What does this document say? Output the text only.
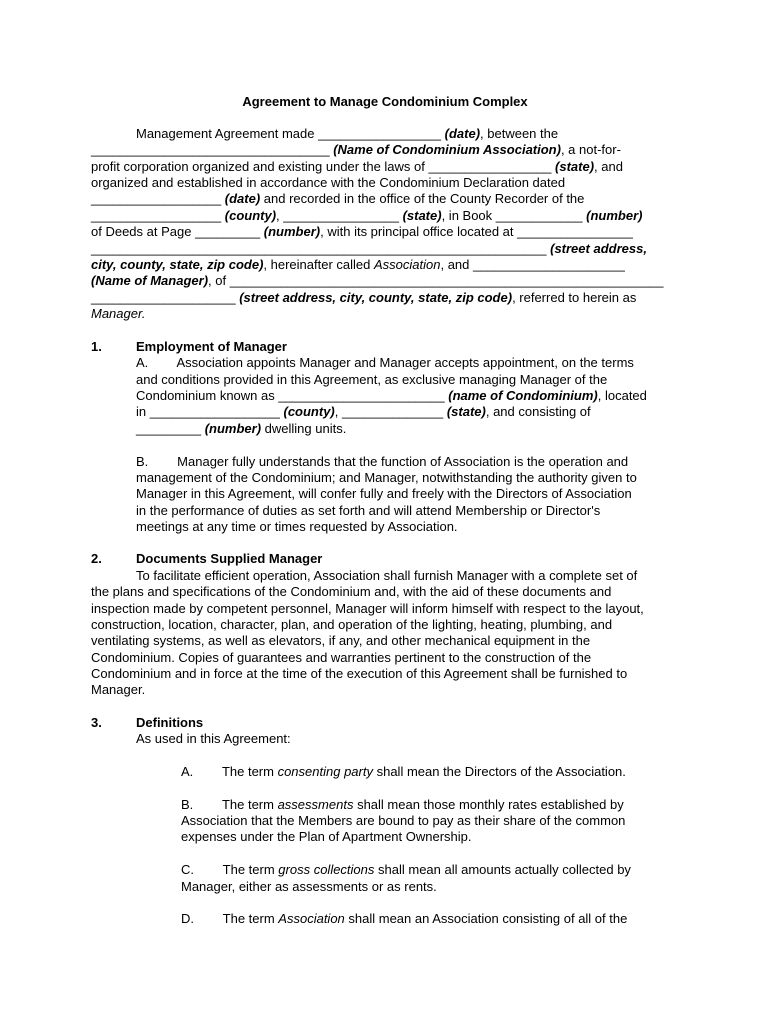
Agreement to Manage Condominium Complex
Management Agreement made _________________ (date), between the
_________________________________ (Name of Condominium Association), a not-for-
profit corporation organized and existing under the laws of _________________ (state), and
organized and established in accordance with the Condominium Declaration dated
__________________ (date) and recorded in the office of the County Recorder of the
__________________ (county), ________________ (state), in Book ____________ (number)
of Deeds at Page _________ (number), with its principal office located at ________________
_______________________________________________________________ (street address,
city, county, state, zip code), hereinafter called Association, and _____________________
(Name of Manager), of ____________________________________________________________
____________________ (street address, city, county, state, zip code), referred to herein as
Manager.
1.	Employment of Manager
A.        Association appoints Manager and Manager accepts appointment, on the terms
and conditions provided in this Agreement, as exclusive managing Manager of the
Condominium known as _______________________ (name of Condominium), located
in __________________ (county), ______________ (state), and consisting of
_________ (number) dwelling units.
B.        Manager fully understands that the function of Association is the operation and
management of the Condominium; and Manager, notwithstanding the authority given to
Manager in this Agreement, will confer fully and freely with the Directors of Association
in the performance of duties as set forth and will attend Membership or Director's
meetings at any time or times requested by Association.
2.	Documents Supplied Manager
To facilitate efficient operation, Association shall furnish Manager with a complete set of
the plans and specifications of the Condominium and, with the aid of these documents and
inspection made by competent personnel, Manager will inform himself with respect to the layout,
construction, location, character, plan, and operation of the lighting, heating, plumbing, and
ventilating systems, as well as elevators, if any, and other mechanical equipment in the
Condominium. Copies of guarantees and warranties pertinent to the construction of the
Condominium and in force at the time of the execution of this Agreement shall be furnished to
Manager.
3.	Definitions
As used in this Agreement:
A.        The term consenting party shall mean the Directors of the Association.
B.        The term assessments shall mean those monthly rates established by
Association that the Members are bound to pay as their share of the common
expenses under the Plan of Apartment Ownership.
C.        The term gross collections shall mean all amounts actually collected by
Manager, either as assessments or as rents.
D.        The term Association shall mean an Association consisting of all of the
